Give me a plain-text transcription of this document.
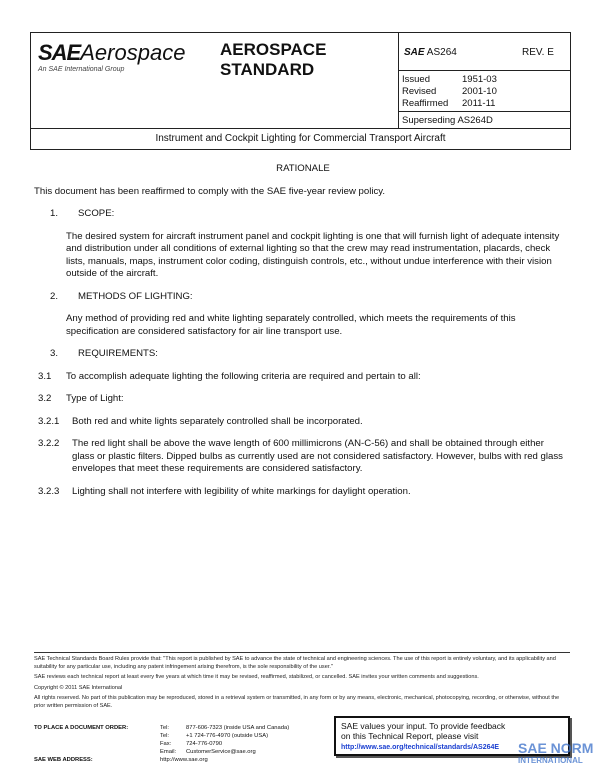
SAEAerospace
An SAE International Group
AEROSPACE
STANDARD
SAE AS264	REV. E
Issued	1951-03
Revised	2001-10
Reaffirmed 2011-11
Superseding AS264D
Instrument and Cockpit Lighting for Commercial Transport Aircraft

RATIONALE

This document has been reaffirmed to comply with the SAE five-year review policy.

1. SCOPE:

The desired system for aircraft instrument panel and cockpit lighting is one that will furnish light of adequate intensity and distribution under all conditions of external lighting so that the crew may read instrumentation, placards, check lists, manuals, maps, instrument color coding, distinguish controls, etc., without undue interference with their vision outside of the aircraft.

2. METHODS OF LIGHTING:

Any method of providing red and white lighting separately controlled, which meets the requirements of this specification are considered satisfactory for air line transport use.

3. REQUIREMENTS:

3.1 To accomplish adequate lighting the following criteria are required and pertain to all:

3.2 Type of Light:

3.2.1	Both red and white lights separately controlled shall be incorporated.
3.2.2	The red light shall be above the wave length of 600 millimicrons (AN-C-56) and shall be obtained through either glass or plastic filters. Dipped bulbs as currently used are not considered satisfactory. However, bulbs with red glass envelopes that meet these requirements are considered satisfactory.
3.2.3	Lighting shall not interfere with legibility of white markings for daylight operation.

SAE Technical Standards Board Rules provide that: "This report is published by SAE to advance the state of technical and engineering sciences. The use of this report is entirely voluntary, and its applicability and suitability for any particular use, including any patent infringement arising therefrom, is the sole responsibility of the user."

SAE reviews each technical report at least every five years at which time it may be revised, reaffirmed, stabilized, or cancelled. SAE invites your written comments and suggestions.

Copyright © 2011 SAE International

All rights reserved. No part of this publication may be reproduced, stored in a retrieval system or transmitted, in any form or by any means, electronic, mechanical, photocopying, recording, or otherwise, without the prior written permission of SAE.

TO PLACE A DOCUMENT ORDER:	Tel:	877-606-7323 (inside USA and Canada)
Tel:	+1 724-776-4970 (outside USA)
Fax:	724-776-0790
Email: CustomerService@sae.org
SAE WEB ADDRESS:	http://www.sae.org
SAE values your input. To provide feedback
on this Technical Report, please visit
http://www.sae.org/technical/standards/AS264E	SAE NORM
INTERNATIONAL
